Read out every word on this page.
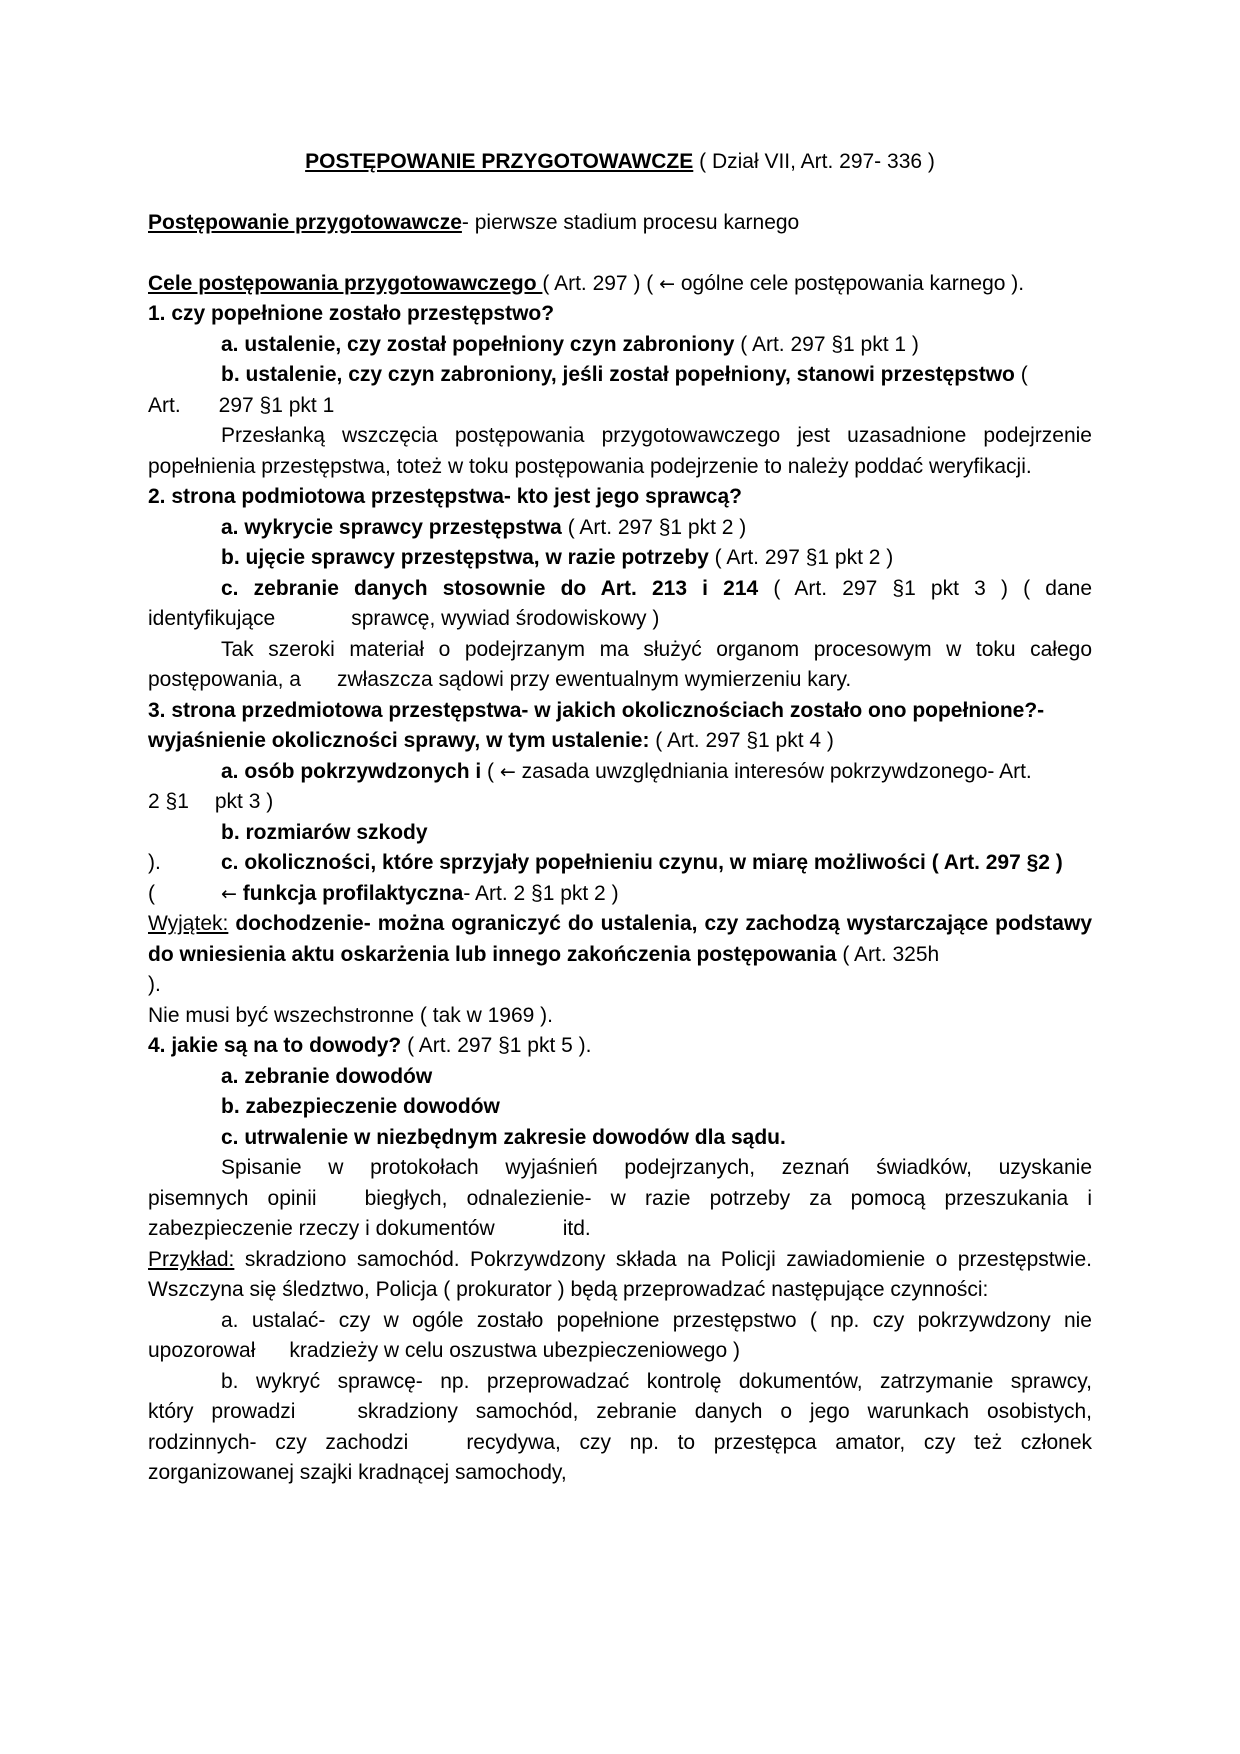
POSTĘPOWANIE PRZYGOTOWAWCZE ( Dział VII, Art. 297- 336 )

Postępowanie przygotowawcze- pierwsze stadium procesu karnego

Cele postępowania przygotowawczego ( Art. 297 ) ( ← ogólne cele postępowania karnego ).

1. czy popełnione zostało przestępstwo?

a. ustalenie, czy został popełniony czyn zabroniony ( Art. 297 §1 pkt 1 )

b. ustalenie, czy czyn zabroniony, jeśli został popełniony, stanowi przestępstwo (

Art. 297 §1 pkt 1

Przesłanką wszczęcia postępowania przygotowawczego jest uzasadnione podejrzenie popełnienia przestępstwa, toteż w toku postępowania podejrzenie to należy poddać weryfikacji.

2. strona podmiotowa przestępstwa- kto jest jego sprawcą?

a. wykrycie sprawcy przestępstwa ( Art. 297 §1 pkt 2 )

b. ujęcie sprawcy przestępstwa, w razie potrzeby ( Art. 297 §1 pkt 2 )

c. zebranie danych stosownie do Art. 213 i 214 ( Art. 297 §1 pkt 3 ) ( dane

identyfikujące	sprawcę, wywiad środowiskowy )

Tak szeroki materiał o podejrzanym ma służyć organom procesowym w toku całego

postępowania, a zwłaszcza sądowi przy ewentualnym wymierzeniu kary.

3. strona przedmiotowa przestępstwa- w jakich okolicznościach zostało ono popełnione?-

wyjaśnienie okoliczności sprawy, w tym ustalenie: ( Art. 297 §1 pkt 4 )

a. osób pokrzywdzonych i ( ← zasada uwzględniania interesów pokrzywdzonego- Art.

2 §1 pkt 3 )

b. rozmiarów szkody

).	c. okoliczności, które sprzyjały popełnieniu czynu, w miarę możliwości ( Art. 297 §2 )

(	← funkcja profilaktyczna- Art. 2 §1 pkt 2 )

Wyjątek: dochodzenie- można ograniczyć do ustalenia, czy zachodzą wystarczające podstawy do wniesienia aktu oskarżenia lub innego zakończenia postępowania ( Art. 325h
).

Nie musi być wszechstronne ( tak w 1969 ).

4. jakie są na to dowody? ( Art. 297 §1 pkt 5 ).

a. zebranie dowodów

b. zabezpieczenie dowodów

c. utrwalenie w niezbędnym zakresie dowodów dla sądu.

Spisanie w protokołach wyjaśnień podejrzanych, zeznań świadków, uzyskanie

pisemnych opinii biegłych, odnalezienie- w razie potrzeby za pomocą przeszukania i

zabezpieczenie rzeczy i dokumentów	itd.

Przykład: skradziono samochód. Pokrzywdzony składa na Policji zawiadomienie o przestępstwie. Wszczyna się śledztwo, Policja ( prokurator ) będą przeprowadzać następujące czynności:

a. ustalać- czy w ogóle zostało popełnione przestępstwo ( np. czy pokrzywdzony nie

upozorował kradzieży w celu oszustwa ubezpieczeniowego )

b. wykryć sprawcę- np. przeprowadzać kontrolę dokumentów, zatrzymanie sprawcy,

który prowadzi	skradziony samochód, zebranie danych o jego warunkach osobistych,

rodzinnych- czy zachodzi	recydywa, czy np. to przestępca amator, czy też członek

zorganizowanej szajki kradnącej samochody,
